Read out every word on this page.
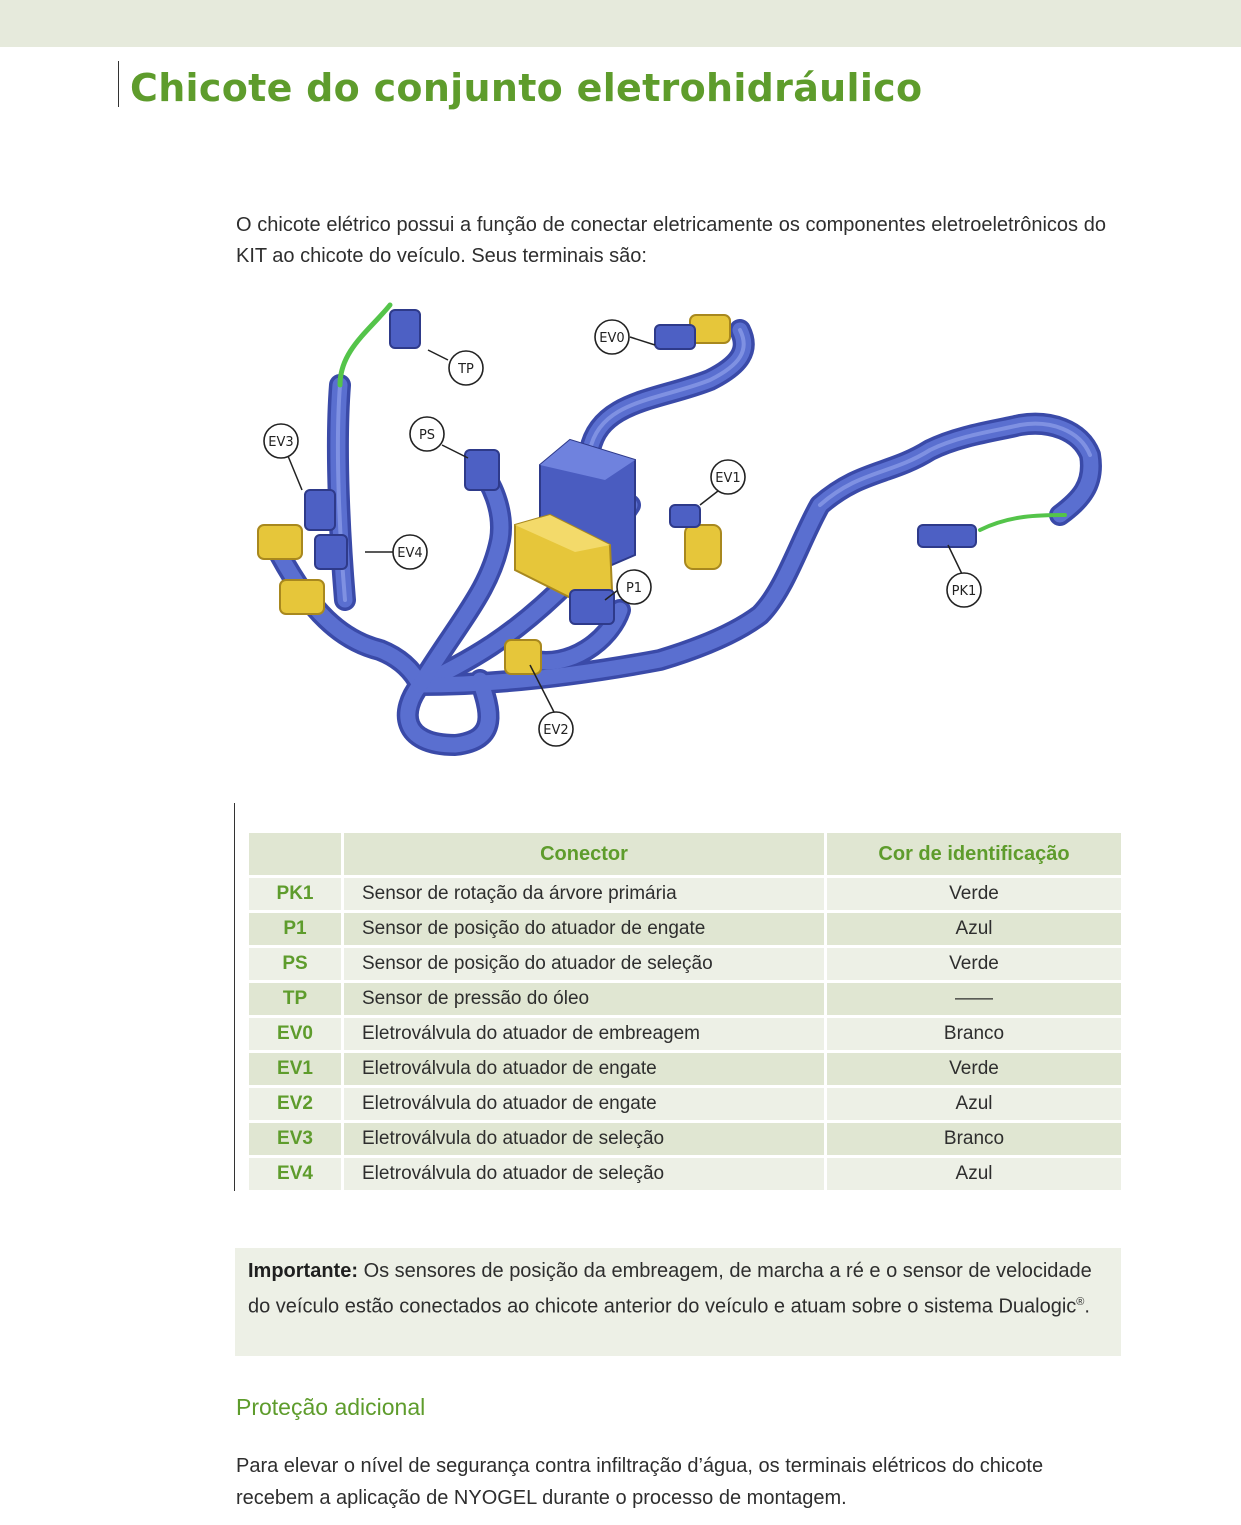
Chicote do conjunto eletrohidráulico

O chicote elétrico possui a função de conectar eletricamente os componentes eletroeletrônicos do KIT ao chicote do veículo. Seus terminais são:

TP
EV0
EV3	PS
EV1
EV4
P1	PK1
EV2
	Conector	Cor de identificação
PK1	Sensor de rotação da árvore primária	Verde
P1	Sensor de posição do atuador de engate	Azul
PS	Sensor de posição do atuador de seleção	Verde
TP	Sensor de pressão do óleo	——
EV0	Eletroválvula do atuador de embreagem	Branco
EV1	Eletroválvula do atuador de engate	Verde
EV2	Eletroválvula do atuador de engate	Azul
EV3	Eletroválvula do atuador de seleção	Branco
EV4	Eletroválvula do atuador de seleção	Azul
Importante: Os sensores de posição da embreagem, de marcha a ré e o sensor de velocidade do veículo estão conectados ao chicote anterior do veículo e atuam sobre o sistema Dualogic®.
Proteção adicional

Para elevar o nível de segurança contra infiltração d’água, os terminais elétricos do chicote recebem a aplicação de NYOGEL durante o processo de montagem.
